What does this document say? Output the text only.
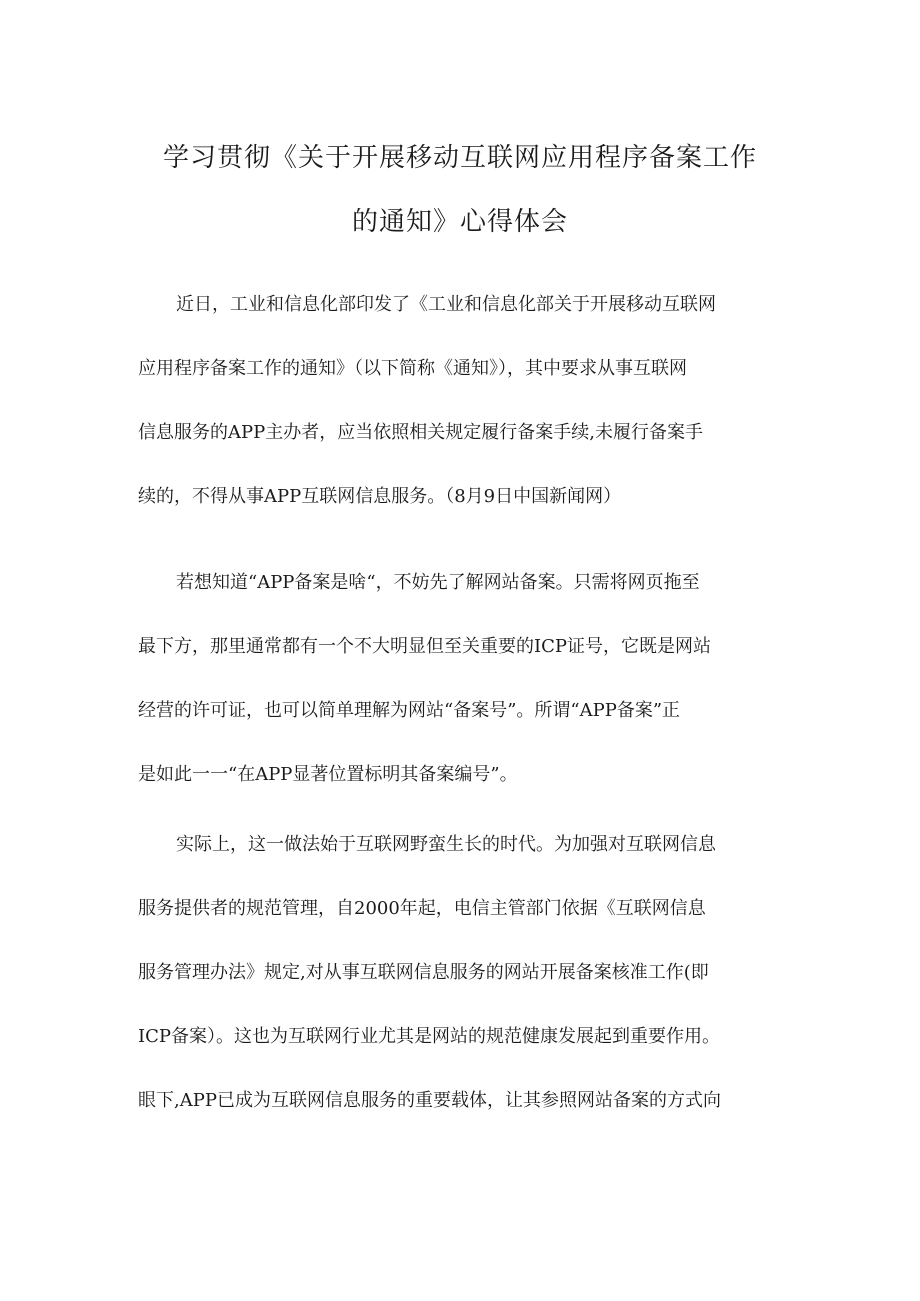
学习贯彻《关于开展移动互联网应用程序备案工作
的通知》心得体会

近日，工业和信息化部印发了《工业和信息化部关于开展移动互联网
应用程序备案工作的通知》（以下简称《通知》），其中要求从事互联网
信息服务的APP主办者，应当依照相关规定履行备案手续,未履行备案手
续的，不得从事APP互联网信息服务。（8月9日中国新闻网）

若想知道“APP备案是啥“，不妨先了解网站备案。只需将网页拖至
最下方，那里通常都有一个不大明显但至关重要的ICP证号，它既是网站
经营的许可证，也可以简单理解为网站“备案号”。所谓“APP备案”正
是如此一一“在APP显著位置标明其备案编号”。

实际上，这一做法始于互联网野蛮生长的时代。为加强对互联网信息
服务提供者的规范管理，自2000年起，电信主管部门依据《互联网信息
服务管理办法》规定,对从事互联网信息服务的网站开展备案核准工作(即
ICP备案）。这也为互联网行业尤其是网站的规范健康发展起到重要作用。
眼下,APP已成为互联网信息服务的重要载体，让其参照网站备案的方式向
